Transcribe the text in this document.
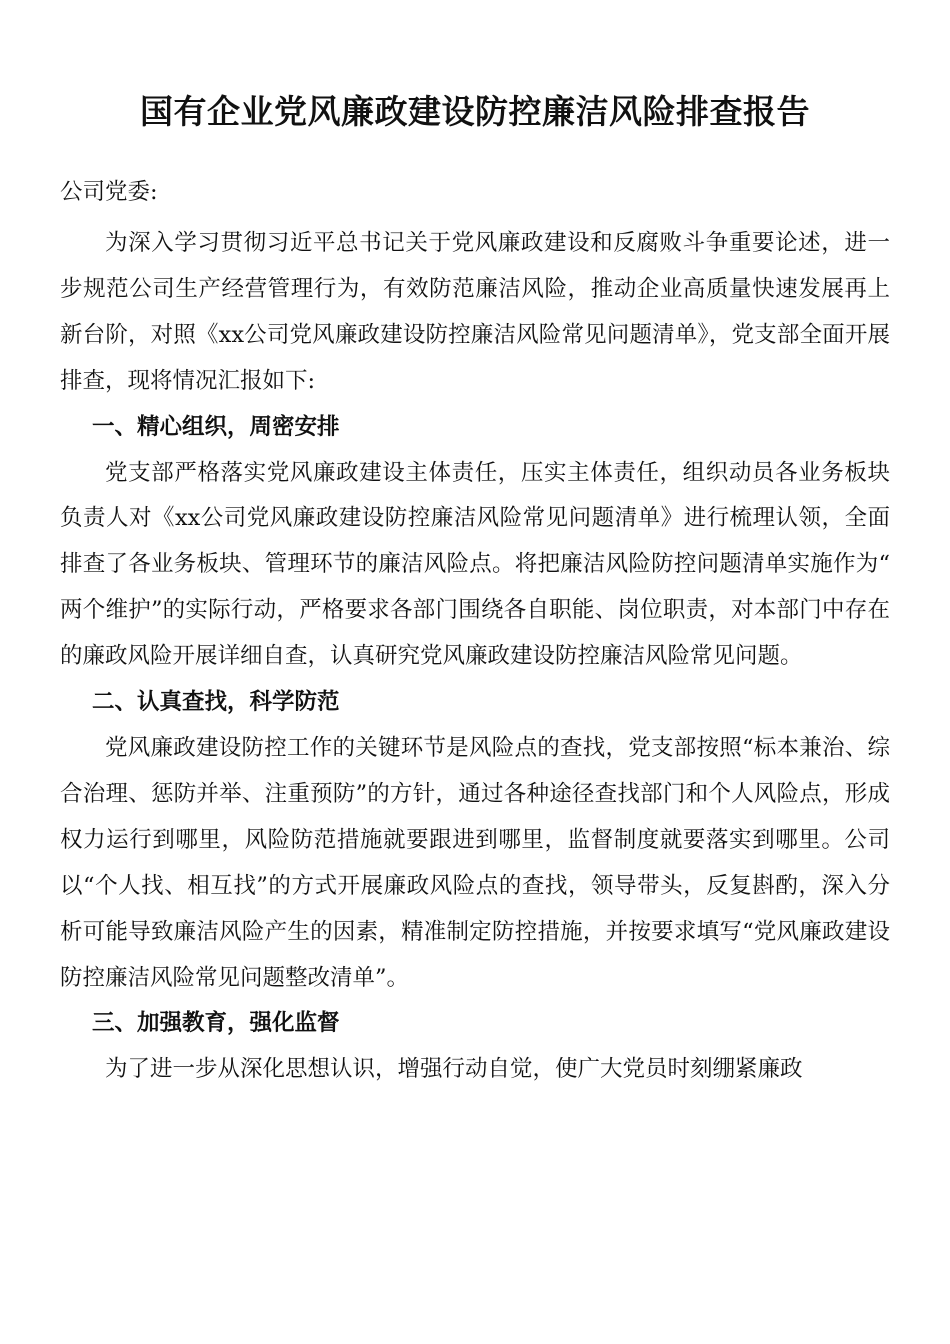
国有企业党风廉政建设防控廉洁风险排查报告
公司党委:

为深入学习贯彻习近平总书记关于党风廉政建设和反腐败斗争重要论述，进一步规范公司生产经营管理行为，有效防范廉洁风险，推动企业高质量快速发展再上新台阶，对照《xx公司党风廉政建设防控廉洁风险常见问题清单》，党支部全面开展排查，现将情况汇报如下:

一、精心组织，周密安排

党支部严格落实党风廉政建设主体责任，压实主体责任，组织动员各业务板块负责人对《xx公司党风廉政建设防控廉洁风险常见问题清单》进行梳理认领，全面排查了各业务板块、管理环节的廉洁风险点。将把廉洁风险防控问题清单实施作为“两个维护”的实际行动，严格要求各部门围绕各自职能、岗位职责，对本部门中存在的廉政风险开展详细自查，认真研究党风廉政建设防控廉洁风险常见问题。

二、认真查找，科学防范

党风廉政建设防控工作的关键环节是风险点的查找，党支部按照“标本兼治、综合治理、惩防并举、注重预防”的方针，通过各种途径查找部门和个人风险点，形成权力运行到哪里，风险防范措施就要跟进到哪里，监督制度就要落实到哪里。公司以“个人找、相互找”的方式开展廉政风险点的查找，领导带头，反复斟酌，深入分析可能导致廉洁风险产生的因素，精准制定防控措施，并按要求填写“党风廉政建设防控廉洁风险常见问题整改清单”。

三、加强教育，强化监督

为了进一步从深化思想认识，增强行动自觉，使广大党员时刻绷紧廉政
